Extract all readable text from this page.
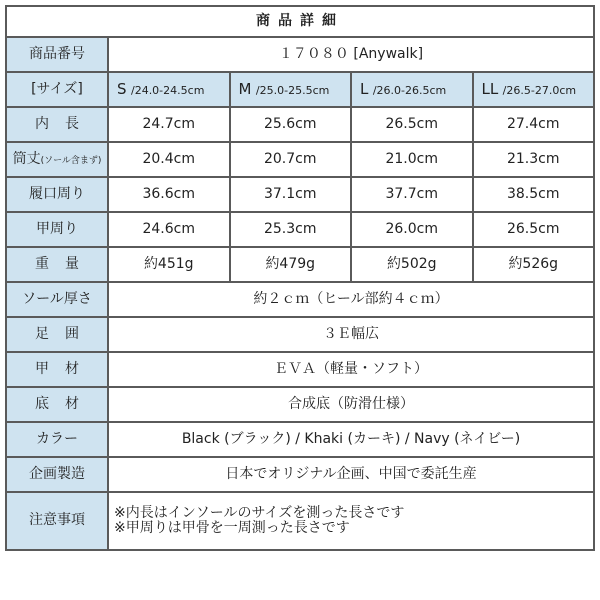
商品詳細				
商品番号	１７０８０ [Anywalk]			
[サイズ]	S /24.0-24.5cm	M /25.0-25.5cm	L /26.0-26.5cm	LL /26.5-27.0cm
内長	24.7cm	25.6cm	26.5cm	27.4cm
筒丈(ソール含まず)	20.4cm	20.7cm	21.0cm	21.3cm
履口周り	36.6cm	37.1cm	37.7cm	38.5cm
甲周り	24.6cm	25.3cm	26.0cm	26.5cm
重量	約451g	約479g	約502g	約526g
ソール厚さ	約２ｃｍ（ヒール部約４ｃｍ）			
足囲	３Ｅ幅広			
甲材	ＥＶＡ（軽量・ソフト）			
底材	合成底（防滑仕様）			
カラー	Black (ブラック) / Khaki (カーキ) / Navy (ネイビー)			
企画製造	日本でオリジナル企画、中国で委託生産			
注意事項	※内長はインソールのサイズを測った長さです
※甲周りは甲骨を一周測った長さです			
